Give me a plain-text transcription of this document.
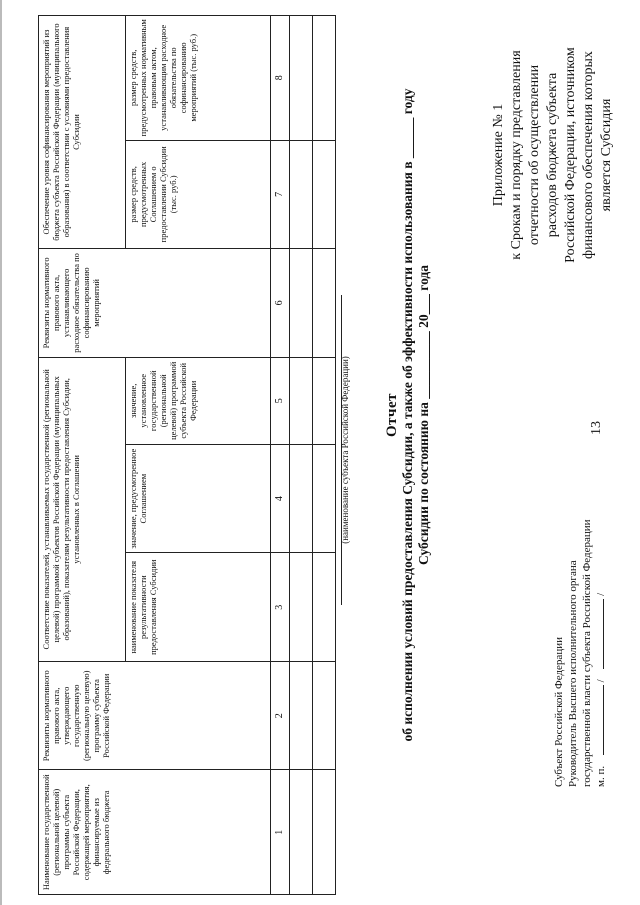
13
Приложение № 1 к Срокам и порядку представления отчетности об осуществлении расходов бюджета субъекта Российской Федерации, источником финансового обеспечения которых является Субсидия
Отчет об исполнении условий предоставления Субсидии, а также об эффективности использования в ______ году Субсидии по состоянию на __________ 20___ года
(наименование субъекта Российской Федерации)
Наименование государственной (региональной целевой) программы субъекта Российской Федерации, содержащей мероприятия, финансируемые из федерального бюджета	Реквизиты нормативного правового акта, утверждающего государственную (региональную целевую) программу субъекта Российской Федерации	Соответствие показателей, устанавливаемых государственной (региональной целевой) программой субъектов Российской Федерации (муниципальных образований), показателям результативности предоставления Субсидии, установленных в Соглашении			Реквизиты нормативного правового акта, устанавливающего расходное обязательства по софинансированию мероприятий	Обеспечение уровня софинансирования мероприятий из бюджета субъекта Российской Федерации (муниципального образования) в соответствии с условиями предоставления Субсидии	
		наименование показателя результативности предоставления Субсидии	значение, предусмотренное Соглашением	значение, установленное государственной (региональной целевой) программой субъекта Российской Федерации		размер средств, предусмотренных Соглашением о предоставлении Субсидии (тыс. руб.)	размер средств, предусмотренных нормативным правовым актом, устанавливающим расходное обязательства по софинансированию мероприятий (тыс. руб.)
1	2	3	4	5	6	7	8

Субъект Российской Федерации Руководитель Высшего исполнительного органа государственной власти субъекта Российской Федерации м. п.  /  /
